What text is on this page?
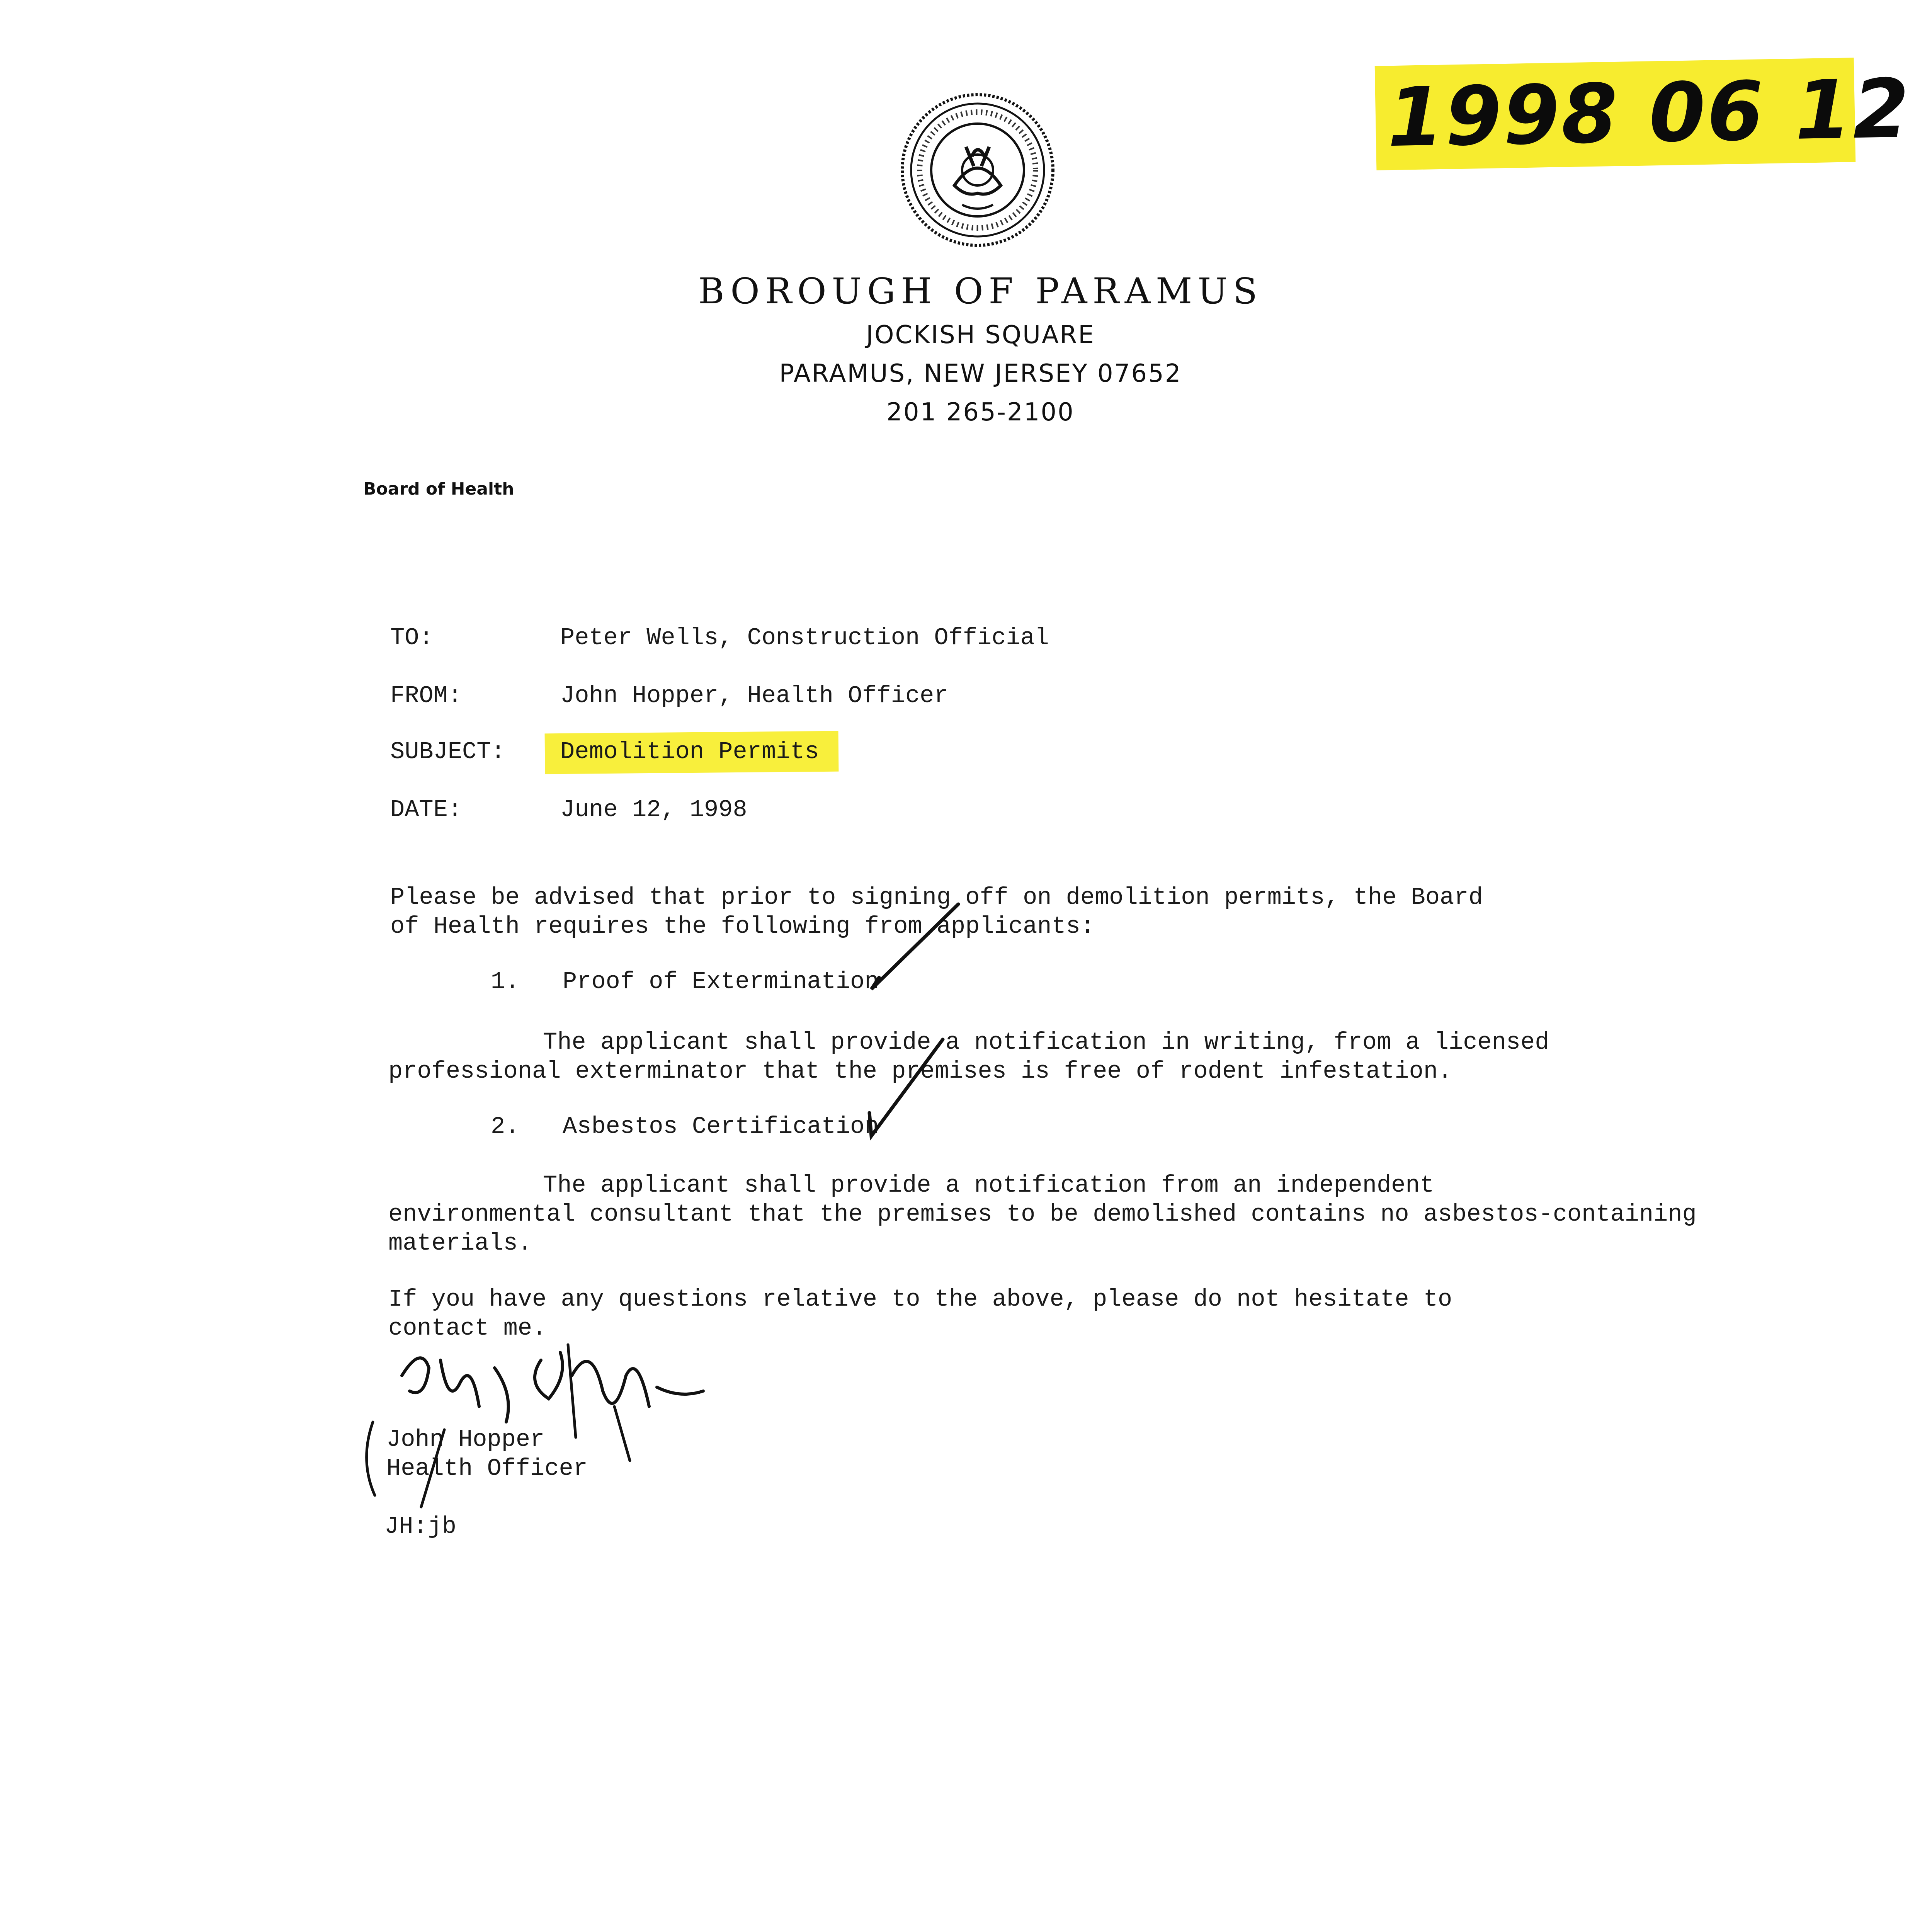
1998 06 12
BOROUGH OF PARAMUS
JOCKISH SQUARE
PARAMUS, NEW JERSEY 07652
201 265-2100
Board of Health
TO:	Peter Wells, Construction Official
FROM:	John Hopper, Health Officer
SUBJECT: Demolition Permits
DATE:	June 12, 1998
Please be advised that prior to signing off on demolition permits, the Board
of Health requires the following from applicants:
1. Proof of Extermination
The applicant shall provide a notification in writing, from a licensed
professional exterminator that the premises is free of rodent infestation.
2. Asbestos Certification
The applicant shall provide a notification from an independent
environmental consultant that the premises to be demolished contains no asbestos-containing
materials.
If you have any questions relative to the above, please do not hesitate to
contact me.
John Hopper
Health Officer
JH:jb
